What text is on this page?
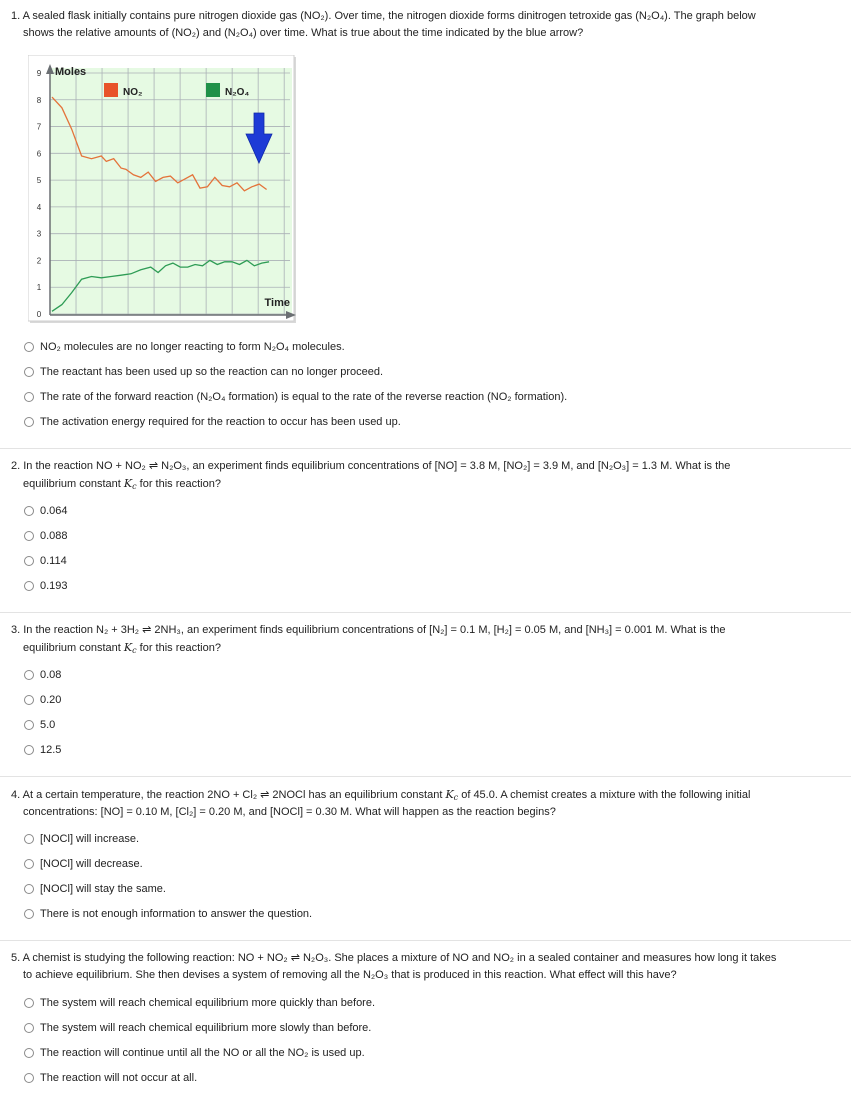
1. A sealed flask initially contains pure nitrogen dioxide gas (NO₂). Over time, the nitrogen dioxide forms dinitrogen tetroxide gas (N₂O₄). The graph below
shows the relative amounts of (NO₂) and (N₂O₄) over time. What is true about the time indicated by the blue arrow?
0
1
2
3
4
5
6
7
8
9 Moles
Time
NO₂	N₂O₄
NO₂ molecules are no longer reacting to form N₂O₄ molecules.
The reactant has been used up so the reaction can no longer proceed.
The rate of the forward reaction (N₂O₄ formation) is equal to the rate of the reverse reaction (NO₂ formation).
The activation energy required for the reaction to occur has been used up.
2. In the reaction NO + NO₂ ⇌ N₂O₃, an experiment finds equilibrium concentrations of [NO] = 3.8 M, [NO₂] = 3.9 M, and [N₂O₃] = 1.3 M. What is the
equilibrium constant $K_c$ for this reaction?
0.064
0.088
0.114
0.193
3. In the reaction N₂ + 3H₂ ⇌ 2NH₃, an experiment finds equilibrium concentrations of [N₂] = 0.1 M, [H₂] = 0.05 M, and [NH₃] = 0.001 M. What is the
equilibrium constant $K_c$ for this reaction?
0.08
0.20
5.0
12.5
4. At a certain temperature, the reaction 2NO + Cl₂ ⇌ 2NOCl has an equilibrium constant $K_c$ of 45.0. A chemist creates a mixture with the following initial
concentrations: [NO] = 0.10 M, [Cl₂] = 0.20 M, and [NOCl] = 0.30 M. What will happen as the reaction begins?
[NOCl] will increase.
[NOCl] will decrease.
[NOCl] will stay the same.
There is not enough information to answer the question.
5. A chemist is studying the following reaction: NO + NO₂ ⇌ N₂O₃. She places a mixture of NO and NO₂ in a sealed container and measures how long it takes
to achieve equilibrium. She then devises a system of removing all the N₂O₃ that is produced in this reaction. What effect will this have?
The system will reach chemical equilibrium more quickly than before.
The system will reach chemical equilibrium more slowly than before.
The reaction will continue until all the NO or all the NO₂ is used up.
The reaction will not occur at all.
